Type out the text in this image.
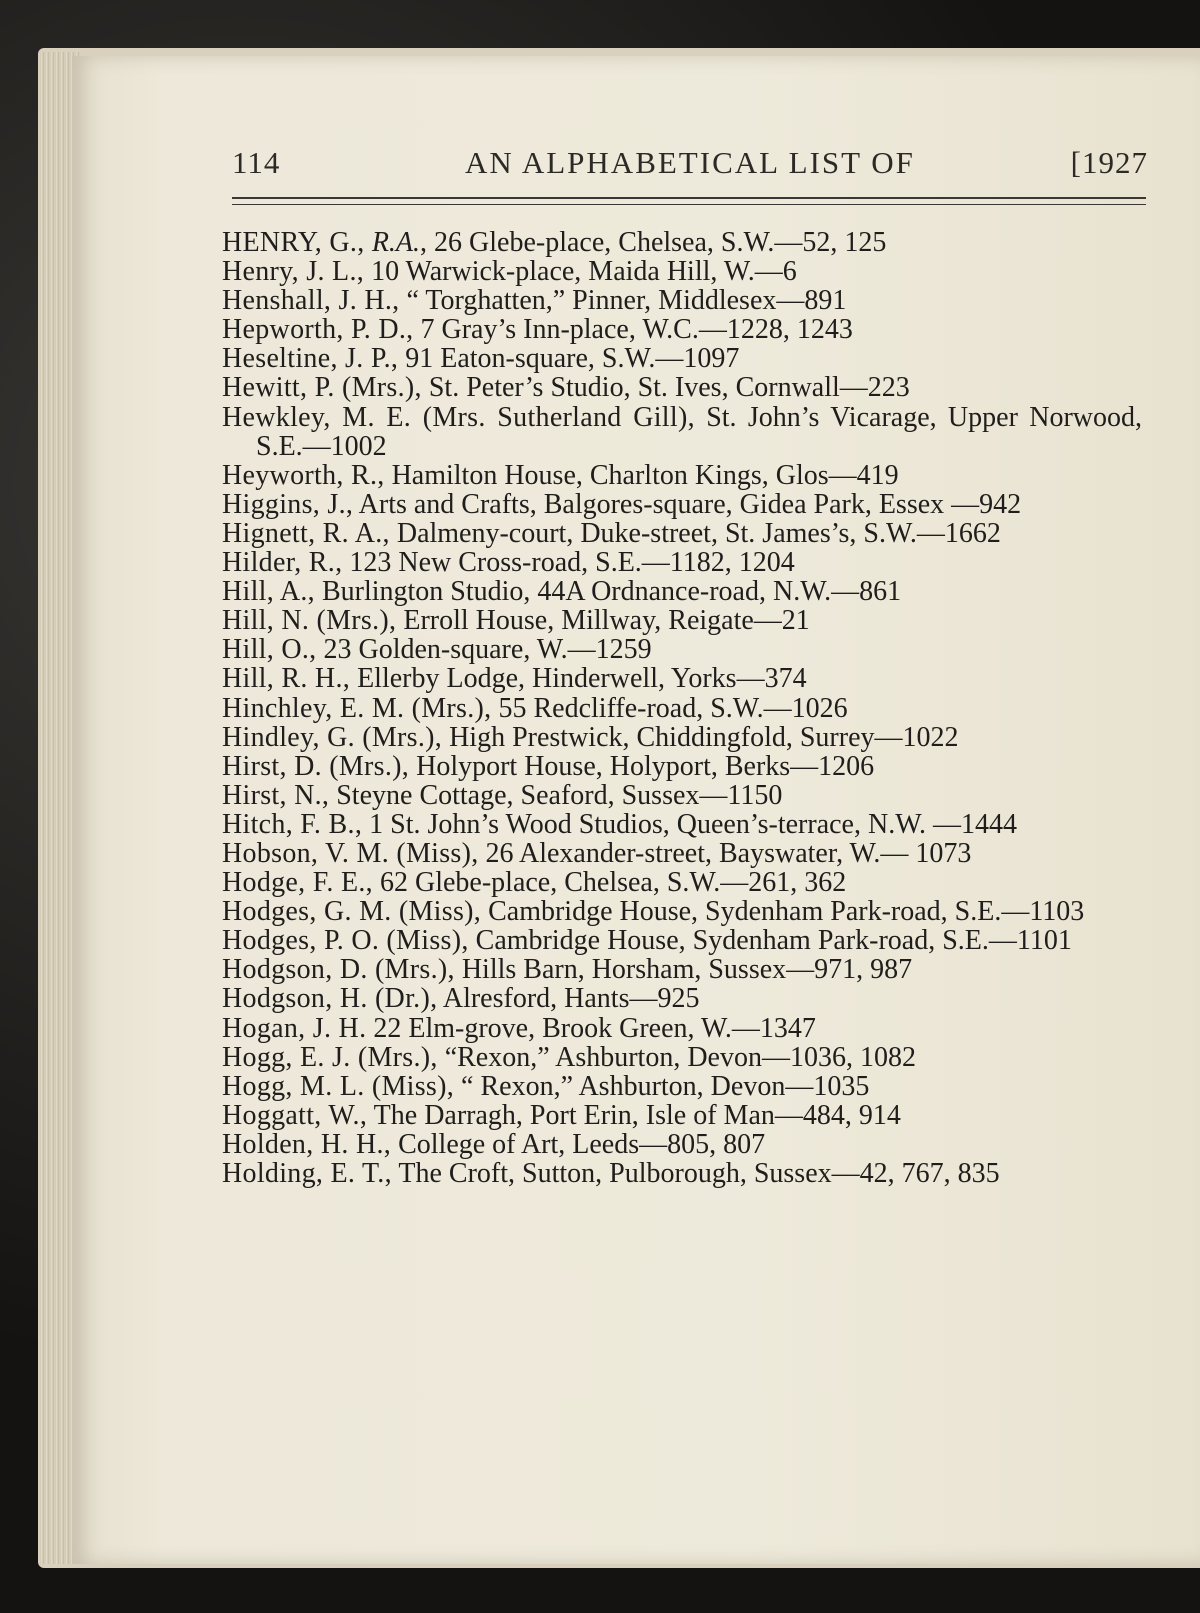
114	AN ALPHABETICAL LIST OF	[1927

HENRY, G., R.A., 26 Glebe-place, Chelsea, S.W.—52, 125

Henry, J. L., 10 Warwick-place, Maida Hill, W.—6

Henshall, J. H., “ Torghatten,” Pinner, Middlesex—891

Hepworth, P. D., 7 Gray’s Inn-place, W.C.—1228, 1243

Heseltine, J. P., 91 Eaton-square, S.W.—1097

Hewitt, P. (Mrs.), St. Peter’s Studio, St. Ives, Cornwall—223

Hewkley, M. E. (Mrs. Sutherland Gill), St. John’s Vicarage, Upper Norwood, S.E.—1002

Heyworth, R., Hamilton House, Charlton Kings, Glos—419

Higgins, J., Arts and Crafts, Balgores-square, Gidea Park, Essex —942

Hignett, R. A., Dalmeny-court, Duke-street, St. James’s, S.W.—1662

Hilder, R., 123 New Cross-road, S.E.—1182, 1204

Hill, A., Burlington Studio, 44A Ordnance-road, N.W.—861

Hill, N. (Mrs.), Erroll House, Millway, Reigate—21

Hill, O., 23 Golden-square, W.—1259

Hill, R. H., Ellerby Lodge, Hinderwell, Yorks—374

Hinchley, E. M. (Mrs.), 55 Redcliffe-road, S.W.—1026

Hindley, G. (Mrs.), High Prestwick, Chiddingfold, Surrey—1022

Hirst, D. (Mrs.), Holyport House, Holyport, Berks—1206

Hirst, N., Steyne Cottage, Seaford, Sussex—1150

Hitch, F. B., 1 St. John’s Wood Studios, Queen’s-terrace, N.W. —1444

Hobson, V. M. (Miss), 26 Alexander-street, Bayswater, W.— 1073

Hodge, F. E., 62 Glebe-place, Chelsea, S.W.—261, 362

Hodges, G. M. (Miss), Cambridge House, Sydenham Park-road, S.E.—1103

Hodges, P. O. (Miss), Cambridge House, Sydenham Park-road, S.E.—1101

Hodgson, D. (Mrs.), Hills Barn, Horsham, Sussex—971, 987

Hodgson, H. (Dr.), Alresford, Hants—925

Hogan, J. H. 22 Elm-grove, Brook Green, W.—1347

Hogg, E. J. (Mrs.), “Rexon,” Ashburton, Devon—1036, 1082

Hogg, M. L. (Miss), “ Rexon,” Ashburton, Devon—1035

Hoggatt, W., The Darragh, Port Erin, Isle of Man—484, 914

Holden, H. H., College of Art, Leeds—805, 807

Holding, E. T., The Croft, Sutton, Pulborough, Sussex—42, 767, 835
